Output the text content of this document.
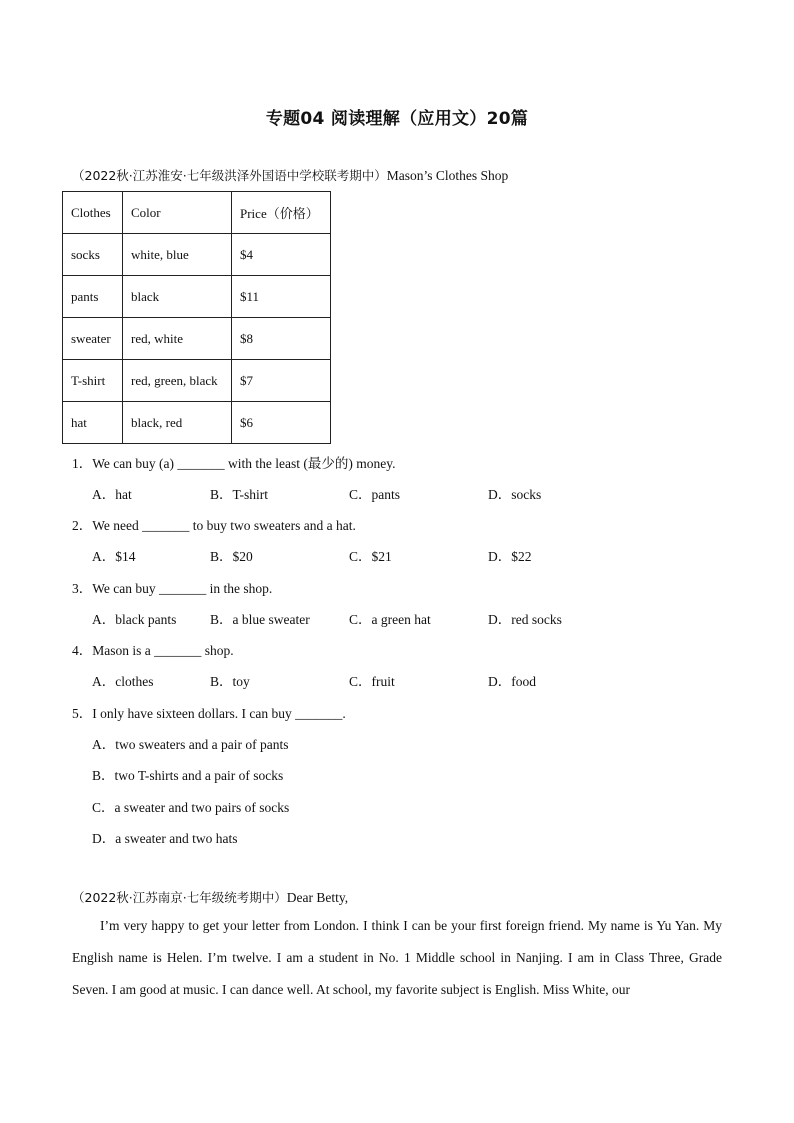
专题04 阅读理解（应用文）20篇
（2022秋·江苏淮安·七年级洪泽外国语中学校联考期中）Mason’s Clothes Shop
Clothes	Color	Price（价格）
socks	white, blue	$4
pants	black	$11
sweater	red, white	$8
T-shirt	red, green, black	$7
hat	black, red	$6
1．We can buy (a) _______ with the least (最少的) money.
A．hat	B．T-shirt	C．pants	D．socks
2．We need _______ to buy two sweaters and a hat.
A．$14	B．$20	C．$21	D．$22
3．We can buy _______ in the shop.
A．black pants B．a blue sweater	C．a green hat	D．red socks
4．Mason is a _______ shop.
A．clothes	B．toy	C．fruit	D．food
5．I only have sixteen dollars. I can buy _______.
A．two sweaters and a pair of pants
B．two T-shirts and a pair of socks
C．a sweater and two pairs of socks
D．a sweater and two hats
（2022秋·江苏南京·七年级统考期中）Dear Betty,
I’m very happy to get your letter from London. I think I can be your first foreign friend. My name is Yu Yan. My English name is Helen. I’m twelve. I am a student in No. 1 Middle school in Nanjing. I am in Class Three, Grade Seven. I am good at music. I can dance well. At school, my favorite subject is English. Miss White, our
